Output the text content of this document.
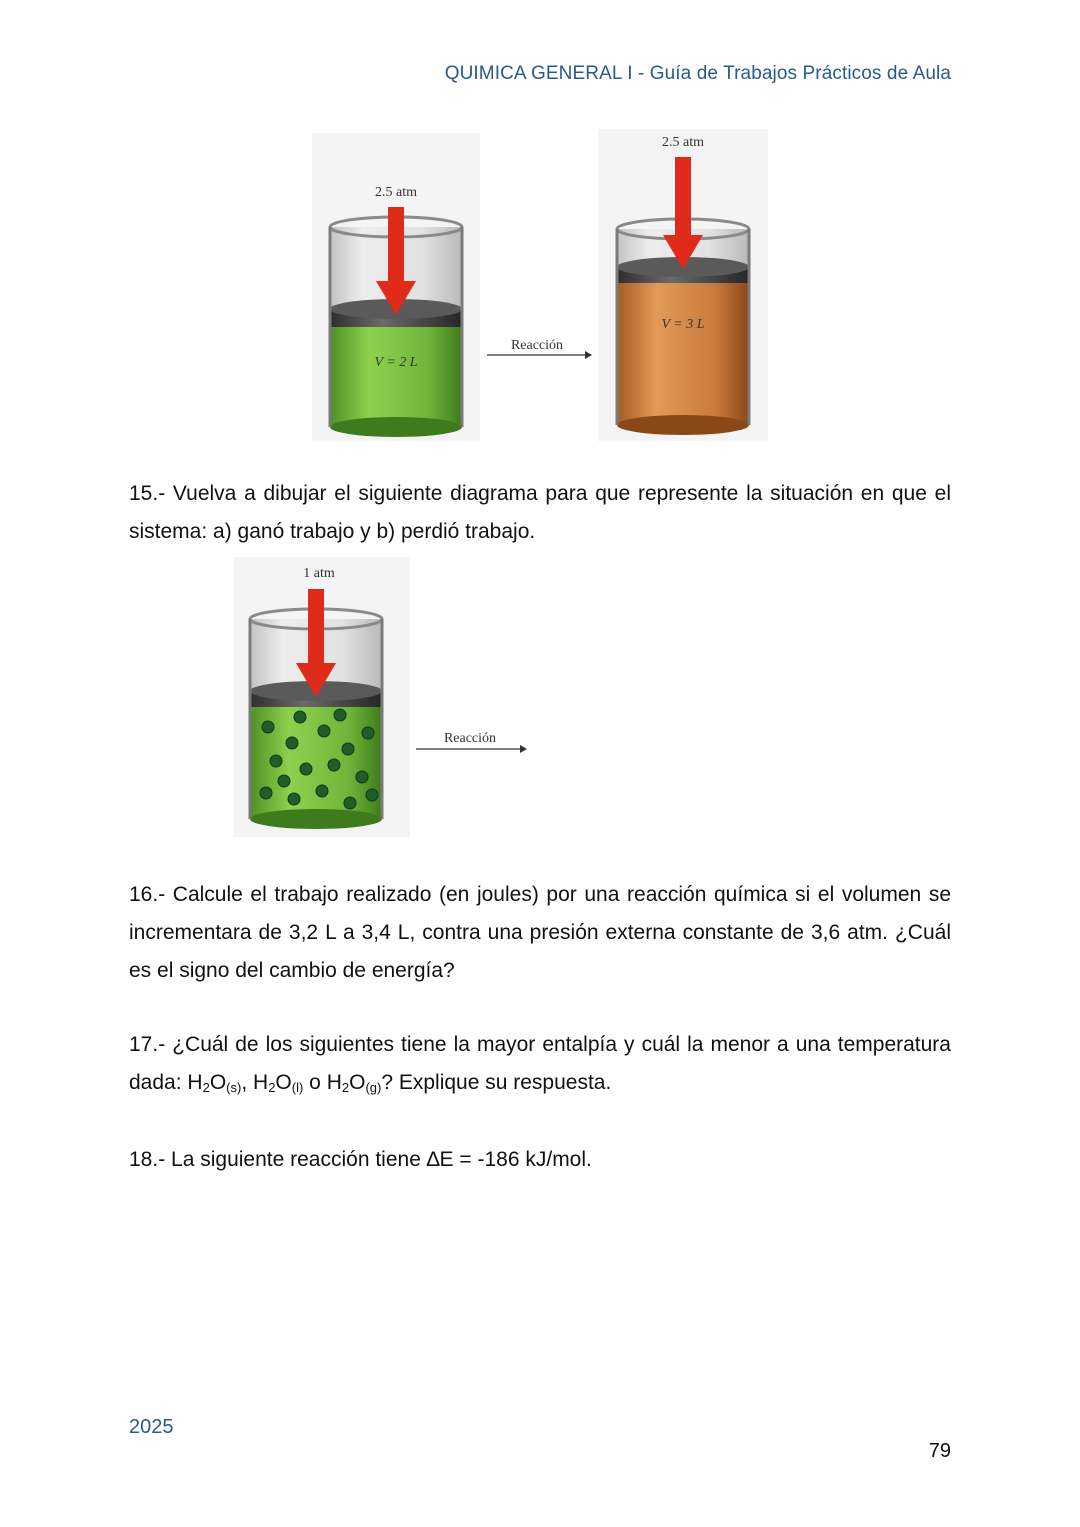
QUIMICA GENERAL I - Guía de Trabajos Prácticos de Aula
2.5 atm
V = 2 L
Reacción
2.5 atm
V = 3 L
15.- Vuelva a dibujar el siguiente diagrama para que represente la situación en que el sistema: a) ganó trabajo y b) perdió trabajo.
1 atm
Reacción
16.- Calcule el trabajo realizado (en joules) por una reacción química si el volumen se incrementara de 3,2 L a 3,4 L, contra una presión externa constante de 3,6 atm. ¿Cuál es el signo del cambio de energía?
17.- ¿Cuál de los siguientes tiene la mayor entalpía y cuál la menor a una temperatura dada: $H_2O_{(s)}$, $H_2O_{(l)}$ o $H_2O_{(g)}$? Explique su respuesta.
18.- La siguiente reacción tiene ∆E = -186 kJ/mol.
2025
79
